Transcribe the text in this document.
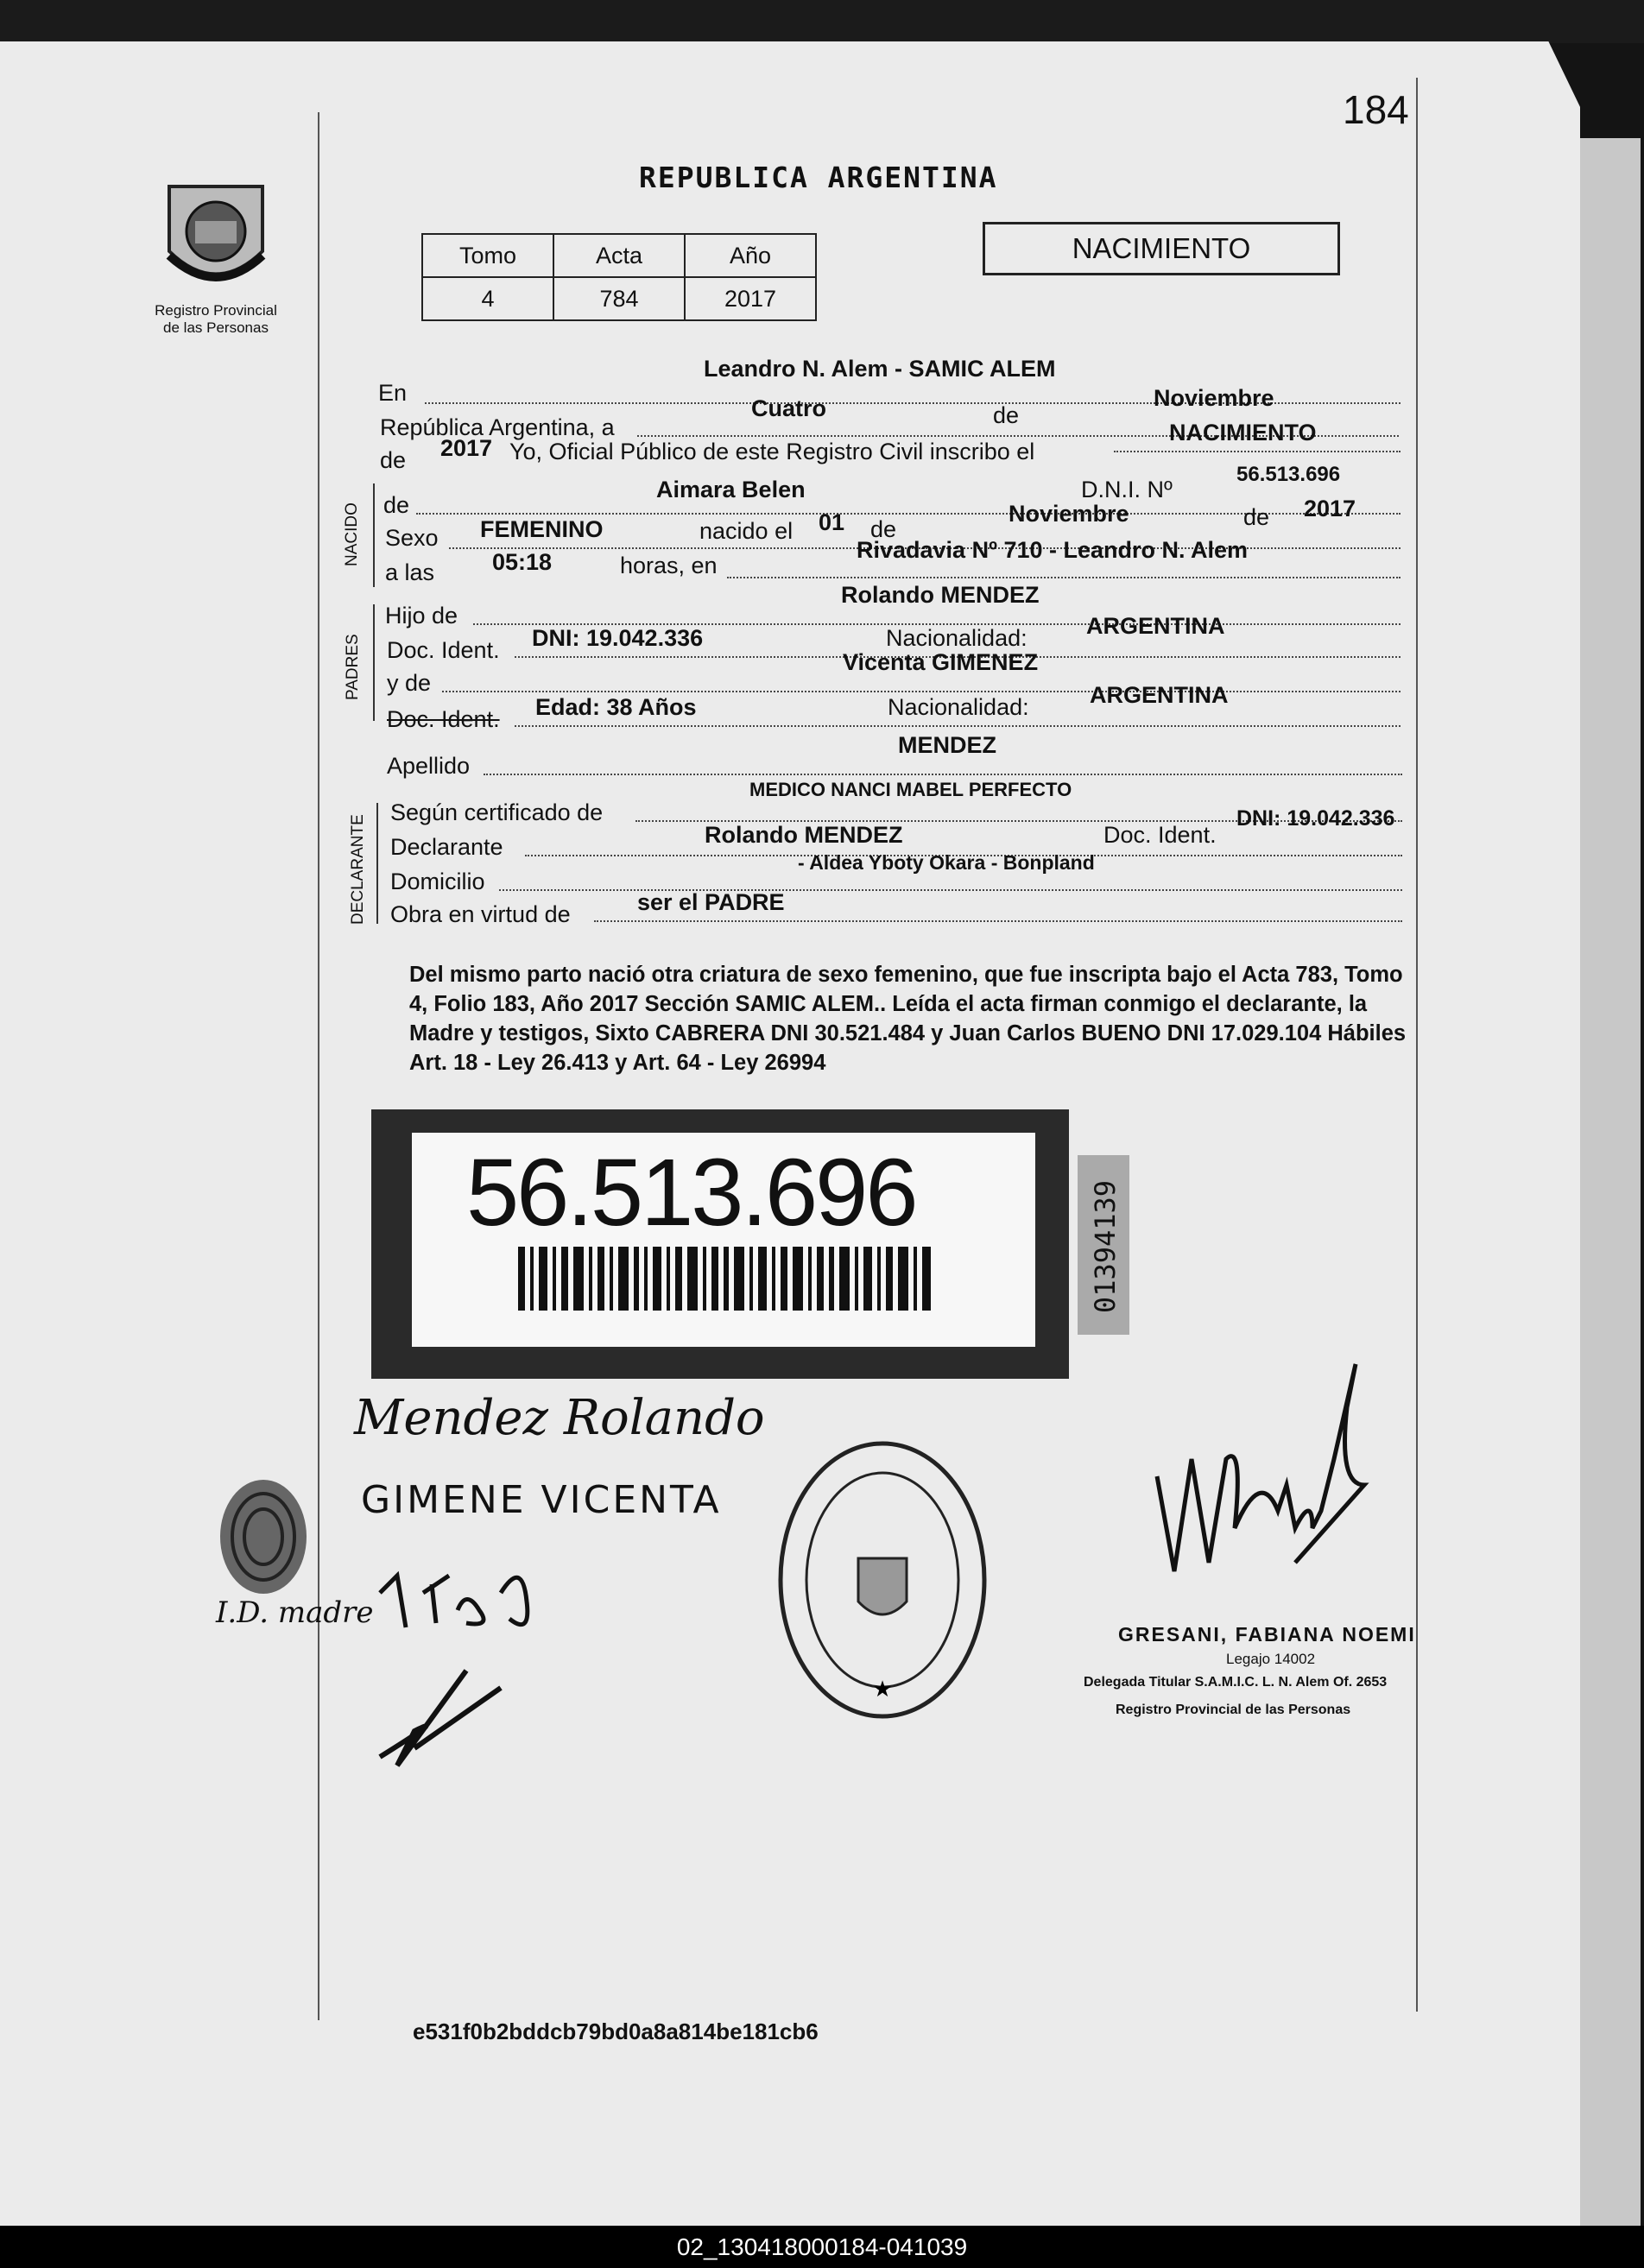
184
Registro Provincial
de las Personas
REPUBLICA ARGENTINA
Tomo	Acta	Año
4	784	2017
NACIMIENTO
En
Leandro N. Alem - SAMIC ALEM
República Argentina, a
Cuatro	de
Noviembre
de 2017 Yo, Oficial Público de este Registro Civil inscribo el
NACIMIENTO
NACIDO de
Aimara Belen	D.N.I. Nº
56.513.696
Sexo FEMENINO	nacido el 01 de
Noviembre	de 2017
a las 05:18	horas, en
Rivadavia Nº 710 - Leandro N. Alem
PADRES
Hijo de
Rolando MENDEZ
Doc. Ident. DNI: 19.042.336	Nacionalidad:	ARGENTINA
y de
Vicenta GIMENEZ
Doc. Ident. Edad: 38 Años	Nacionalidad:	ARGENTINA
Apellido
MENDEZ
DECLARANTE
Según certificado de
MEDICO NANCI MABEL PERFECTO
Declarante	Rolando MENDEZ	Doc. Ident.
DNI: 19.042.336
Domicilio
- Aldea Yboty Okara - Bonpland
Obra en virtud de	ser el PADRE
Del mismo parto nació otra criatura de sexo femenino, que fue inscripta bajo el Acta 783, Tomo 4, Folio 183, Año 2017 Sección SAMIC ALEM.. Leída el acta firman conmigo el declarante, la Madre y testigos, Sixto CABRERA DNI 30.521.484 y Juan Carlos BUENO DNI 17.029.104 Hábiles Art. 18 - Ley 26.413 y Art. 64 - Ley 26994
56.513.696	01394139
Mendez Rolando
GIMENE VICENTA
I.D. madre
★
GRESANI, FABIANA NOEMI
Legajo 14002
Delegada Titular S.A.M.I.C. L. N. Alem Of. 2653
Registro Provincial de las Personas
e531f0b2bddcb79bd0a8a814be181cb6
02_130418000184-041039
